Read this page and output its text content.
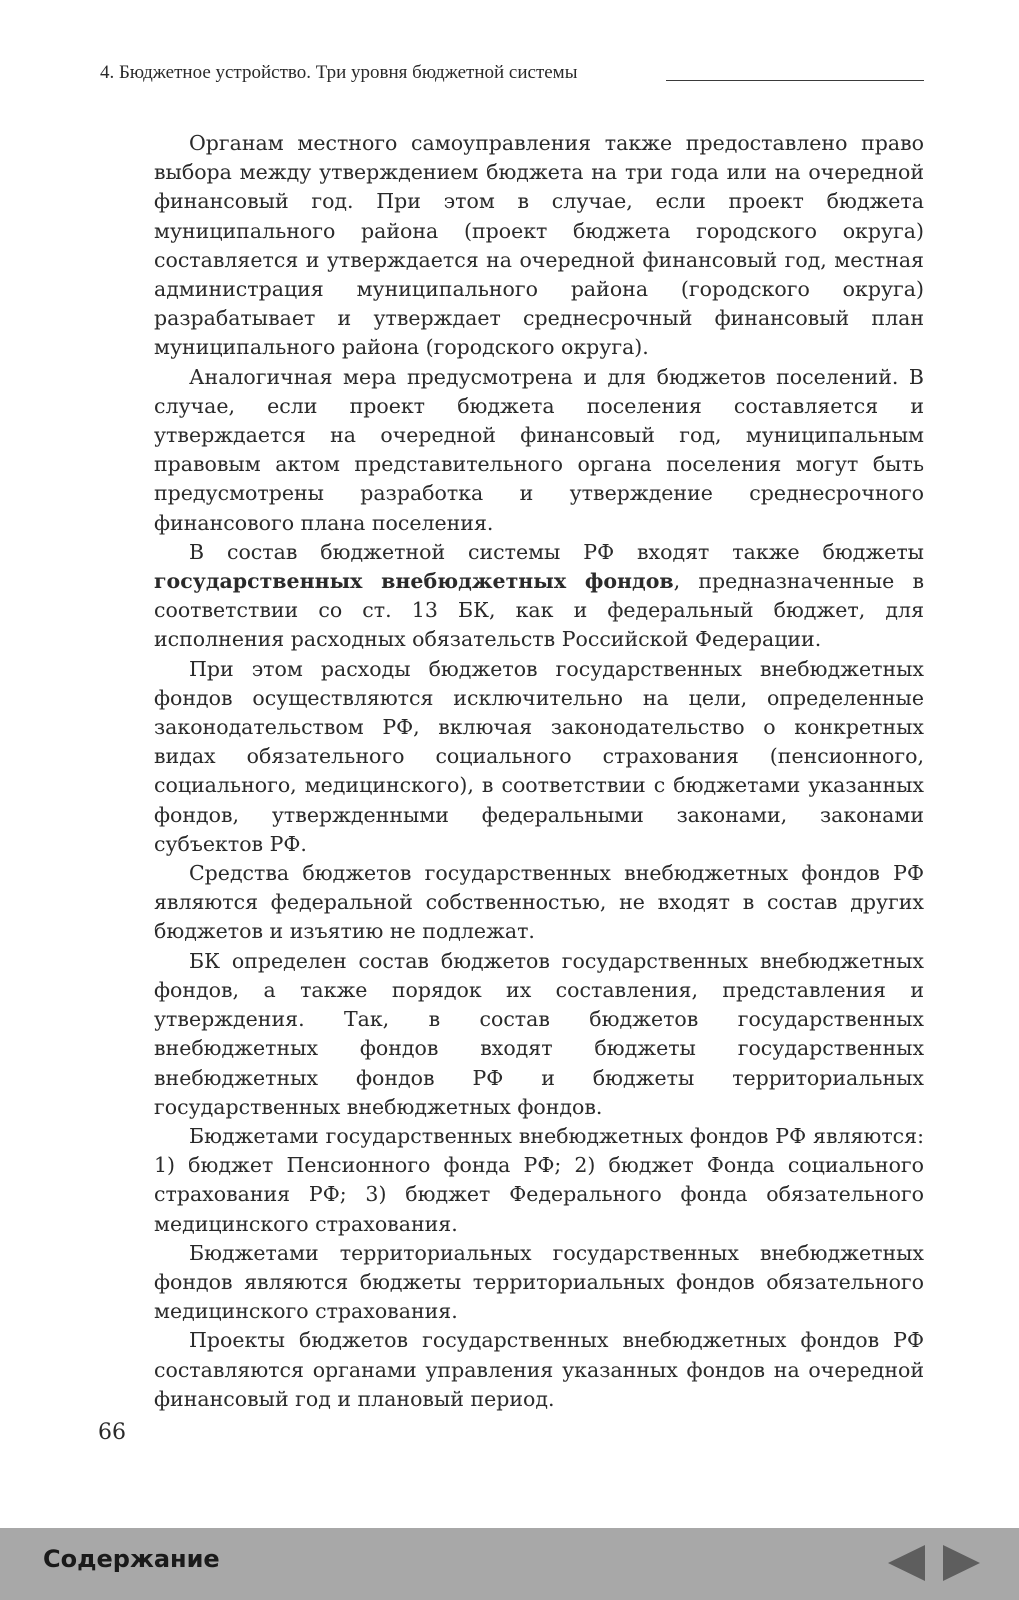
4. Бюджетное устройство. Три уровня бюджетной системы

Органам местного самоуправления также предоставлено право выбора между утверждением бюджета на три года или на очередной финансовый год. При этом в случае, если проект бюджета муниципального района (проект бюджета городского округа) составляется и утверждается на очередной финансовый год, местная администрация муниципального района (городского округа) разрабатывает и утверждает среднесрочный финансовый план муниципального района (городского округа).

Аналогичная мера предусмотрена и для бюджетов поселений. В случае, если проект бюджета поселения составляется и утверждается на очередной финансовый год, муниципальным правовым актом представительного органа поселения могут быть предусмотрены разработка и утверждение среднесрочного финансового плана поселения.

В состав бюджетной системы РФ входят также бюджеты государственных внебюджетных фондов, предназначенные в соответствии со ст. 13 БК, как и федеральный бюджет, для исполнения расходных обязательств Российской Федерации.

При этом расходы бюджетов государственных внебюджетных фондов осуществляются исключительно на цели, определенные законодательством РФ, включая законодательство о конкретных видах обязательного социального страхования (пенсионного, социального, медицинского), в соответствии с бюджетами указанных фондов, утвержденными федеральными законами, законами субъектов РФ.

Средства бюджетов государственных внебюджетных фондов РФ являются федеральной собственностью, не входят в состав других бюджетов и изъятию не подлежат.

БК определен состав бюджетов государственных внебюджетных фондов, а также порядок их составления, представления и утверждения. Так, в состав бюджетов государственных внебюджетных фондов входят бюджеты государственных внебюджетных фондов РФ и бюджеты территориальных государственных внебюджетных фондов.

Бюджетами государственных внебюджетных фондов РФ являются: 1) бюджет Пенсионного фонда РФ; 2) бюджет Фонда социального страхования РФ; 3) бюджет Федерального фонда обязательного медицинского страхования.

Бюджетами территориальных государственных внебюджетных фондов являются бюджеты территориальных фондов обязательного медицинского страхования.

Проекты бюджетов государственных внебюджетных фондов РФ составляются органами управления указанных фондов на очередной финансовый год и плановый период.

66
Содержание
